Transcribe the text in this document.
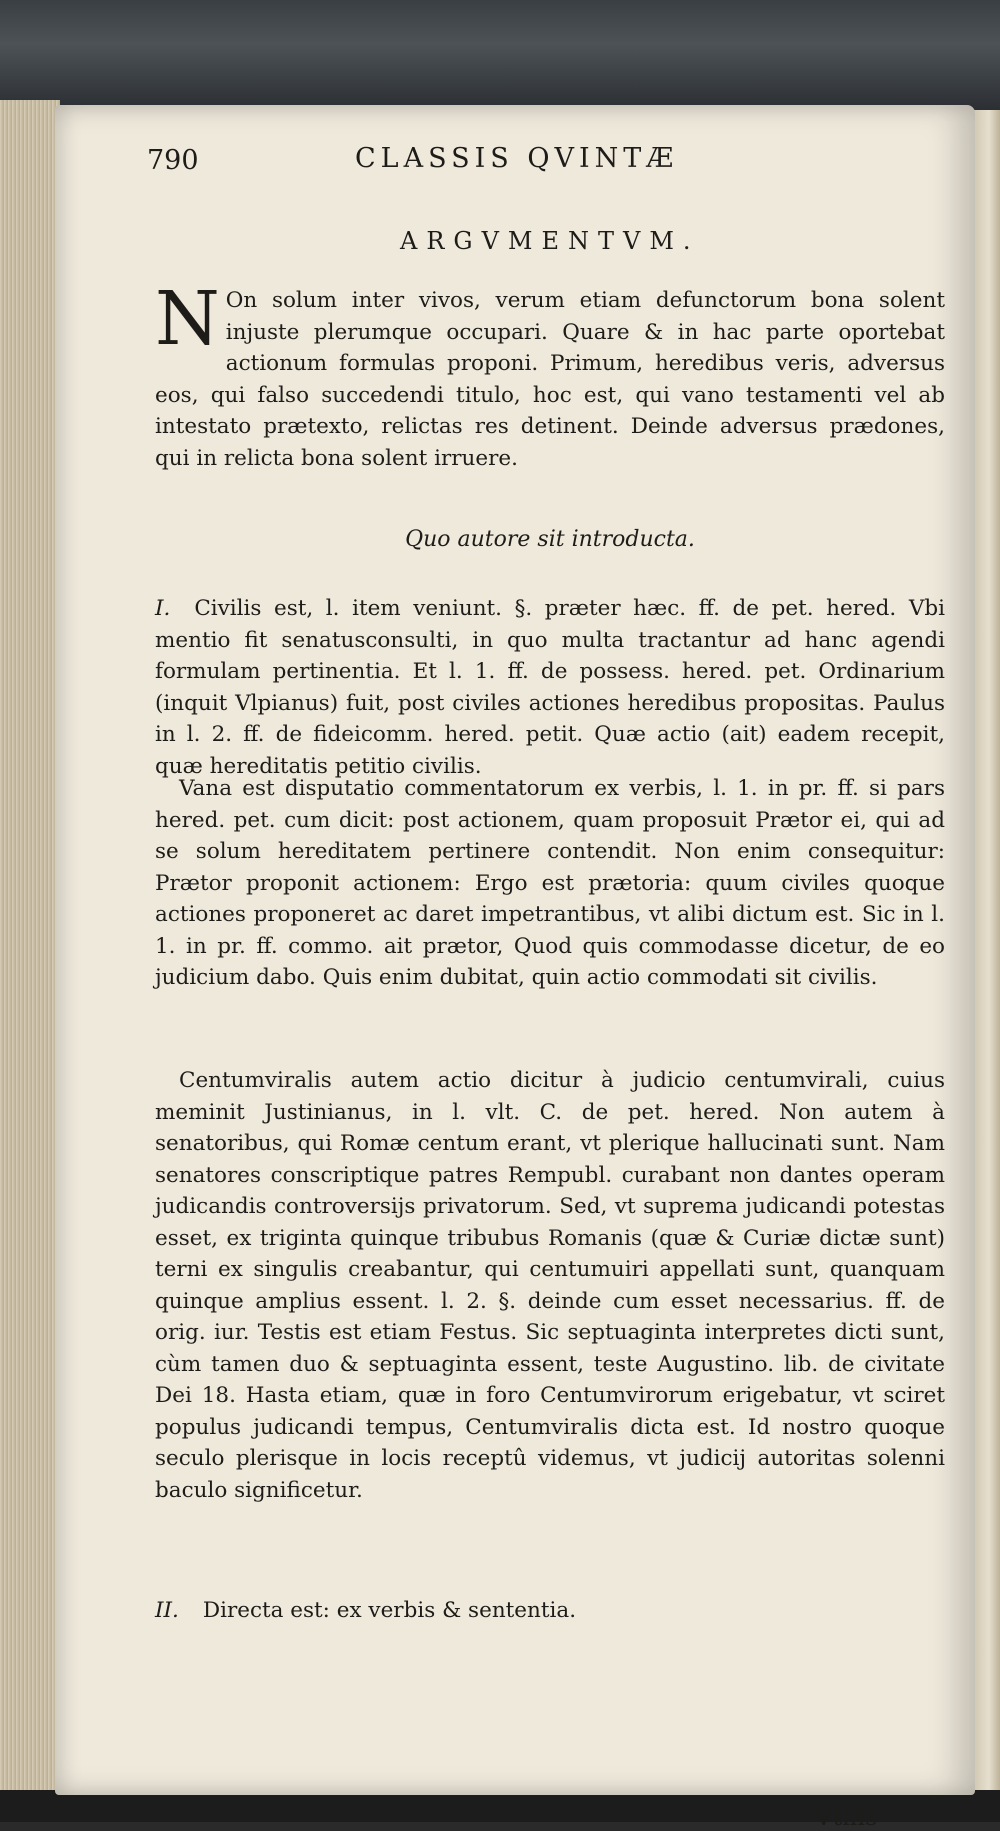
790	CLASSIS QVINTÆ
ARGVMENTVM.
N On solum inter vivos, verum etiam defunctorum bona solent injuste plerumque occupari. Quare & in hac parte oportebat actionum formulas proponi. Primum, heredibus veris, adversus eos, qui falso succedendi titulo, hoc est, qui vano testamenti vel ab intestato prætexto, relictas res detinent. Deinde adversus prædones, qui in relicta bona solent irruere.
Quo autore sit introducta.
I. Civilis est, l. item veniunt. §. præter hæc. ff. de pet. hered. Vbi mentio fit senatusconsulti, in quo multa tractantur ad hanc agendi formulam pertinentia. Et l. 1. ff. de possess. hered. pet. Ordinarium (inquit Vlpianus) fuit, post civiles actiones heredibus propositas. Paulus in l. 2. ff. de fideicomm. hered. petit. Quæ actio (ait) eadem recepit, quæ hereditatis petitio civilis.
Vana est disputatio commentatorum ex verbis, l. 1. in pr. ff. si pars hered. pet. cum dicit: post actionem, quam proposuit Prætor ei, qui ad se solum hereditatem pertinere contendit. Non enim consequitur: Prætor proponit actionem: Ergo est prætoria: quum civiles quoque actiones proponeret ac daret impetrantibus, vt alibi dictum est. Sic in l. 1. in pr. ff. commo. ait prætor, Quod quis commodasse dicetur, de eo judicium dabo. Quis enim dubitat, quin actio commodati sit civilis.
Centumviralis autem actio dicitur à judicio centumvirali, cuius meminit Justinianus, in l. vlt. C. de pet. hered. Non autem à senatoribus, qui Romæ centum erant, vt plerique hallucinati sunt. Nam senatores conscriptique patres Rempubl. curabant non dantes operam judicandis controversijs privatorum. Sed, vt suprema judicandi potestas esset, ex triginta quinque tribubus Romanis (quæ & Curiæ dictæ sunt) terni ex singulis creabantur, qui centumuiri appellati sunt, quanquam quinque amplius essent. l. 2. §. deinde cum esset necessarius. ff. de orig. iur. Testis est etiam Festus. Sic septuaginta interpretes dicti sunt, cùm tamen duo & septuaginta essent, teste Augustino. lib. de civitate Dei 18. Hasta etiam, quæ in foro Centumvirorum erigebatur, vt sciret populus judicandi tempus, Centumviralis dicta est. Id nostro quoque seculo plerisque in locis receptû videmus, vt judicij autoritas solenni baculo significetur.
II. Directa est: ex verbis & sententia.
Vtilis
